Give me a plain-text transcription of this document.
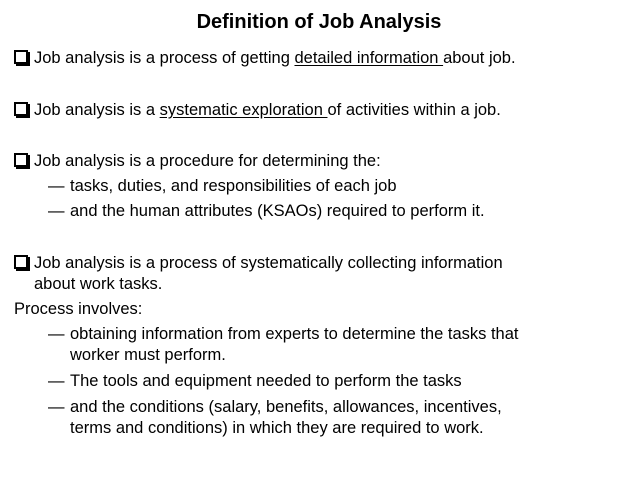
Definition of Job Analysis
Job analysis is a process of getting detailed information about job.
Job analysis is a systematic exploration of activities within a job.
Job analysis is a procedure for determining the:
— tasks, duties, and responsibilities of each job
— and the human attributes (KSAOs) required to perform it.
Job analysis is a process of systematically collecting information
about work tasks.
Process involves:
— obtaining information from experts to determine the tasks that
worker must perform.
— The tools and equipment needed to perform the tasks
— and the conditions (salary, benefits, allowances, incentives,
terms and conditions) in which they are required to work.
